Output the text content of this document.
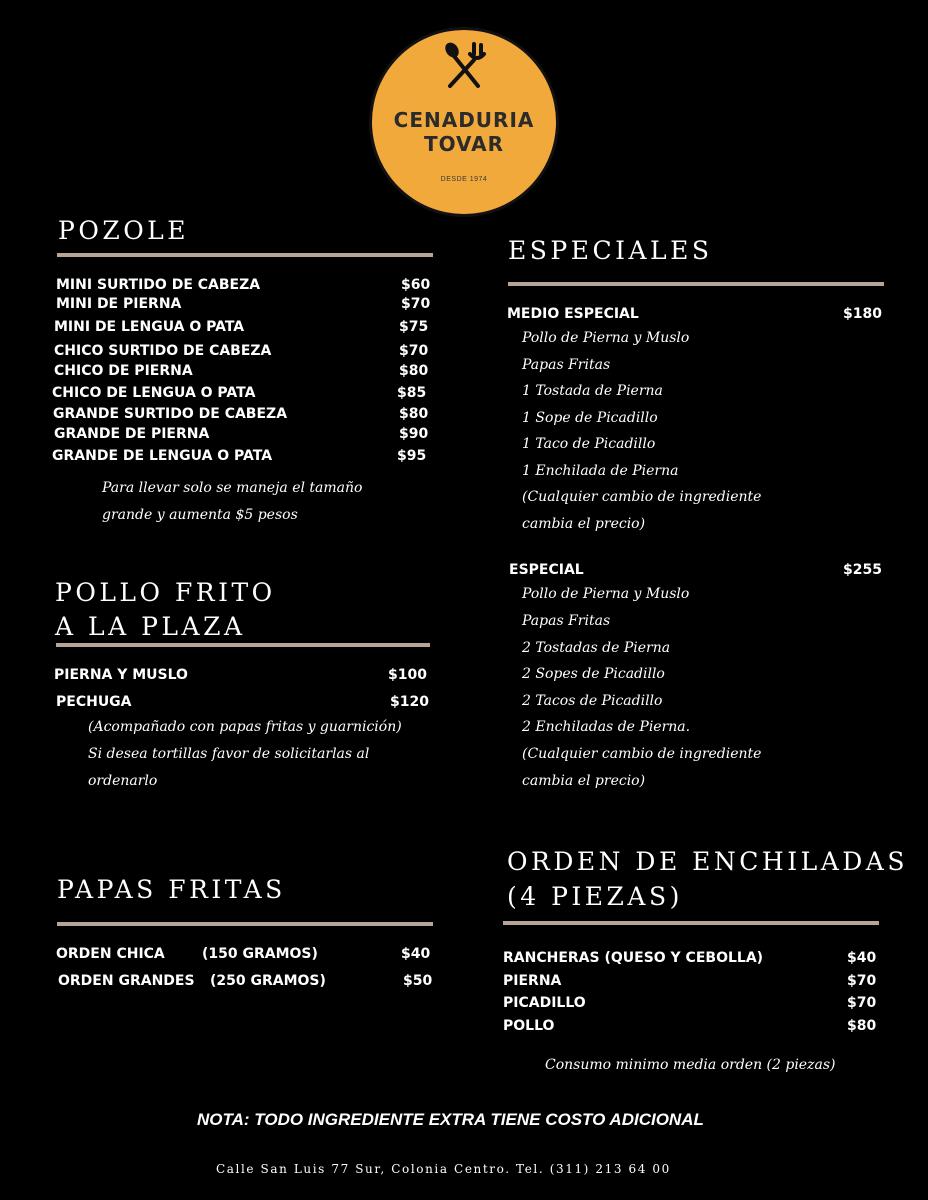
CENADURIA
TOVAR
DESDE 1974
POZOLE
MINI SURTIDO DE CABEZA	$60
MINI DE PIERNA	$70
MINI DE LENGUA O PATA	$75
CHICO SURTIDO DE CABEZA	$70
CHICO DE PIERNA	$80
CHICO DE LENGUA O PATA	$85
GRANDE SURTIDO DE CABEZA	$80
GRANDE DE PIERNA	$90
GRANDE DE LENGUA O PATA	$95
Para llevar solo se maneja el tamaño
grande y aumenta $5 pesos
POLLO FRITO
A LA PLAZA
PIERNA Y MUSLO	$100
PECHUGA	$120
(Acompañado con papas fritas y guarnición)
Si desea tortillas favor de solicitarlas al
ordenarlo
PAPAS FRITAS
ORDEN CHICA	(150 GRAMOS)	$40
ORDEN GRANDES (250 GRAMOS)	$50
ESPECIALES
MEDIO ESPECIAL	$180
Pollo de Pierna y Muslo
Papas Fritas
1 Tostada de Pierna
1 Sope de Picadillo
1 Taco de Picadillo
1 Enchilada de Pierna
(Cualquier cambio de ingrediente
cambia el precio)
ESPECIAL	$255
Pollo de Pierna y Muslo
Papas Fritas
2 Tostadas de Pierna
2 Sopes de Picadillo
2 Tacos de Picadillo
2 Enchiladas de Pierna.
(Cualquier cambio de ingrediente
cambia el precio)
ORDEN DE ENCHILADAS
(4 PIEZAS)
RANCHERAS (QUESO Y CEBOLLA)	$40
PIERNA	$70
PICADILLO	$70
POLLO	$80
Consumo minimo media orden (2 piezas)
NOTA: TODO INGREDIENTE EXTRA TIENE COSTO ADICIONAL
Calle San Luis 77 Sur, Colonia Centro. Tel. (311) 213 64 00
